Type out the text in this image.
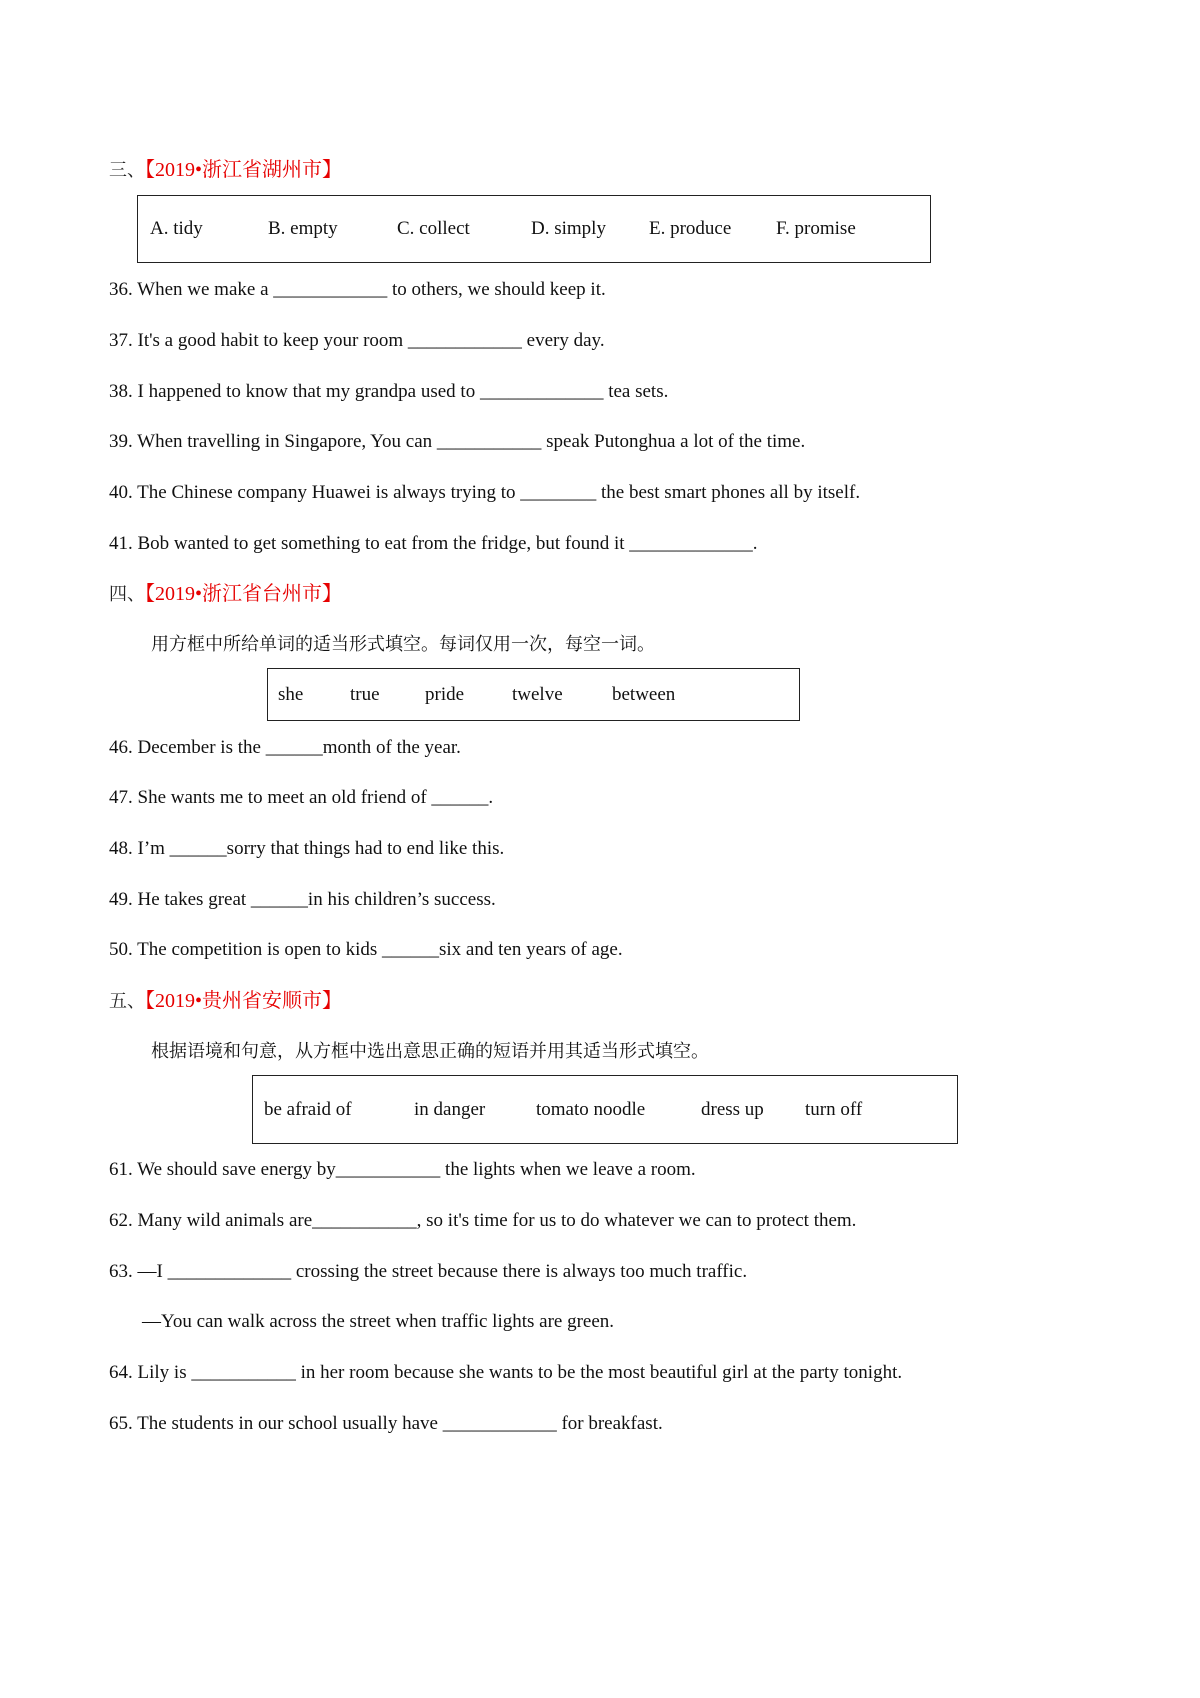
三、【2019•浙江省湖州市】
A. tidy	B. empty	C. collect	D. simply E. produce F. promise
36. When we make a ____________ to others, we should keep it.
37. It's a good habit to keep your room ____________ every day.
38. I happened to know that my grandpa used to _____________ tea sets.
39. When travelling in Singapore, You can ___________ speak Putonghua a lot of the time.
40. The Chinese company Huawei is always trying to ________ the best smart phones all by itself.
41. Bob wanted to get something to eat from the fridge, but found it _____________.
四、【2019•浙江省台州市】
用方框中所给单词的适当形式填空。每词仅用一次，每空一词。
she true pride	twelve	between
46. December is the ______month of the year.
47. She wants me to meet an old friend of ______.
48. I’m ______sorry that things had to end like this.
49. He takes great ______in his children’s success.
50. The competition is open to kids ______six and ten years of age.
五、【2019•贵州省安顺市】
根据语境和句意，从方框中选出意思正确的短语并用其适当形式填空。
be afraid of	in danger	tomato noodle	dress up turn off
61. We should save energy by___________ the lights when we leave a room.
62. Many wild animals are___________, so it's time for us to do whatever we can to protect them.
63. —I _____________ crossing the street because there is always too much traffic.
—You can walk across the street when traffic lights are green.
64. Lily is ___________ in her room because she wants to be the most beautiful girl at the party tonight.
65. The students in our school usually have ____________ for breakfast.
